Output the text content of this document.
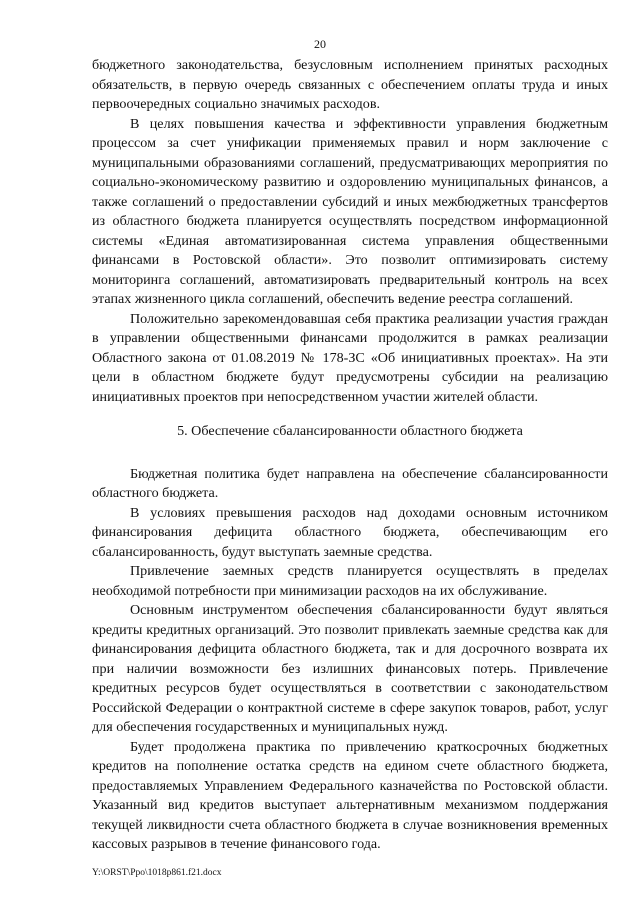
20

бюджетного законодательства, безусловным исполнением принятых расходных обязательств, в первую очередь связанных с обеспечением оплаты труда и иных первоочередных социально значимых расходов.

В целях повышения качества и эффективности управления бюджетным процессом за счет унификации применяемых правил и норм заключение с муниципальными образованиями соглашений, предусматривающих мероприятия по социально-экономическому развитию и оздоровлению муниципальных финансов, а также соглашений о предоставлении субсидий и иных межбюджетных трансфертов из областного бюджета планируется осуществлять посредством информационной системы «Единая автоматизированная система управления общественными финансами в Ростовской области». Это позволит оптимизировать систему мониторинга соглашений, автоматизировать предварительный контроль на всех этапах жизненного цикла соглашений, обеспечить ведение реестра соглашений.

Положительно зарекомендовавшая себя практика реализации участия граждан в управлении общественными финансами продолжится в рамках реализации Областного закона от 01.08.2019 № 178-ЗС «Об инициативных проектах». На эти цели в областном бюджете будут предусмотрены субсидии на реализацию инициативных проектов при непосредственном участии жителей области.

5. Обеспечение сбалансированности областного бюджета

Бюджетная политика будет направлена на обеспечение сбалансированности областного бюджета.

В условиях превышения расходов над доходами основным источником финансирования дефицита областного бюджета, обеспечивающим его сбалансированность, будут выступать заемные средства.

Привлечение заемных средств планируется осуществлять в пределах необходимой потребности при минимизации расходов на их обслуживание.

Основным инструментом обеспечения сбалансированности будут являться кредиты кредитных организаций. Это позволит привлекать заемные средства как для финансирования дефицита областного бюджета, так и для досрочного возврата их при наличии возможности без излишних финансовых потерь. Привлечение кредитных ресурсов будет осуществляться в соответствии с законодательством Российской Федерации о контрактной системе в сфере закупок товаров, работ, услуг для обеспечения государственных и муниципальных нужд.

Будет продолжена практика по привлечению краткосрочных бюджетных кредитов на пополнение остатка средств на едином счете областного бюджета, предоставляемых Управлением Федерального казначейства по Ростовской области. Указанный вид кредитов выступает альтернативным механизмом поддержания текущей ликвидности счета областного бюджета в случае возникновения временных кассовых разрывов в течение финансового года.

Y:\ORST\Ppo\1018p861.f21.docx
